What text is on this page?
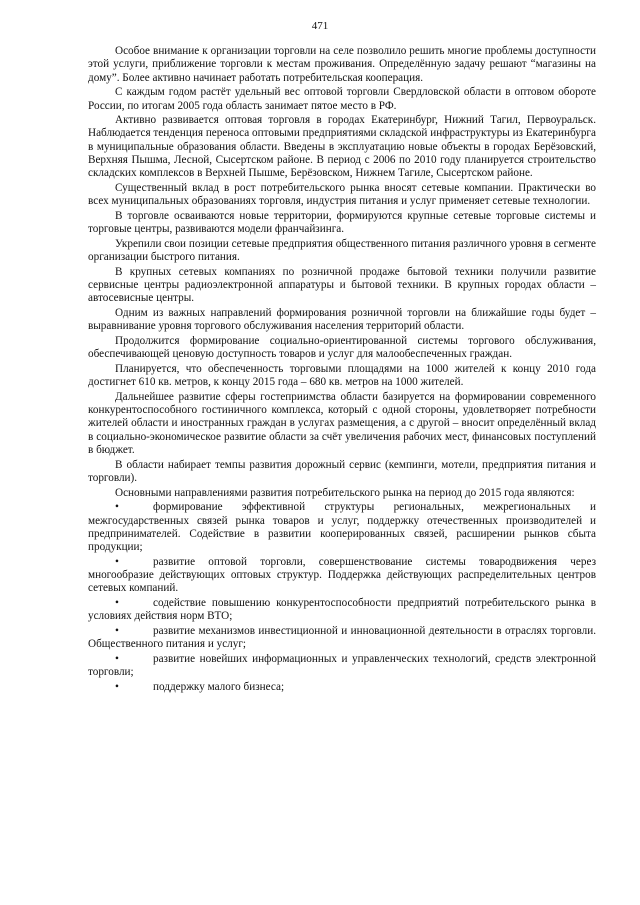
471

Особое внимание к организации торговли на селе позволило решить многие проблемы доступности этой услуги, приближение торговли к местам проживания. Определённую задачу решают “магазины на дому”. Более активно начинает работать потребительская кооперация.

С каждым годом растёт удельный вес оптовой торговли Свердловской области в оптовом обороте России, по итогам 2005 года область занимает пятое место в РФ.

Активно развивается оптовая торговля в городах Екатеринбург, Нижний Тагил, Первоуральск. Наблюдается тенденция переноса оптовыми предприятиями складской инфраструктуры из Екатеринбурга в муниципальные образования области. Введены в эксплуатацию новые объекты в городах Берёзовский, Верхняя Пышма, Лесной, Сысертском районе. В период с 2006 по 2010 году планируется строительство складских комплексов в Верхней Пышме, Берёзовском, Нижнем Тагиле, Сысертском районе.

Существенный вклад в рост потребительского рынка вносят сетевые компании. Практически во всех муниципальных образованиях торговля, индустрия питания и услуг применяет сетевые технологии.

В торговле осваиваются новые территории, формируются крупные сетевые торговые системы и торговые центры, развиваются модели франчайзинга.

Укрепили свои позиции сетевые предприятия общественного питания различного уровня в сегменте организации быстрого питания.

В крупных сетевых компаниях по розничной продаже бытовой техники получили развитие сервисные центры радиоэлектронной аппаратуры и бытовой техники. В крупных городах области – автосевисные центры.

Одним из важных направлений формирования розничной торговли на ближайшие годы будет – выравнивание уровня торгового обслуживания населения территорий области.

Продолжится формирование социально-ориентированной системы торгового обслуживания, обеспечивающей ценовую доступность товаров и услуг для малообеспеченных граждан.

Планируется, что обеспеченность торговыми площадями на 1000 жителей к концу 2010 года достигнет 610 кв. метров, к концу 2015 года – 680 кв. метров на 1000 жителей.

Дальнейшее развитие сферы гостеприимства области базируется на формировании современного конкурентоспособного гостиничного комплекса, который с одной стороны, удовлетворяет потребности жителей области и иностранных граждан в услугах размещения, а с другой – вносит определённый вклад в социально-экономическое развитие области за счёт увеличения рабочих мест, финансовых поступлений в бюджет.

В области набирает темпы развития дорожный сервис (кемпинги, мотели, предприятия питания и торговли).

Основными направлениями развития потребительского рынка на период до 2015 года являются:

•	формирование эффективной структуры региональных, межрегиональных и межгосударственных связей рынка товаров и услуг, поддержку отечественных производителей и предпринимателей. Содействие в развитии кооперированных связей, расширении рынков сбыта продукции;
•	развитие оптовой торговли, совершенствование системы товародвижения через многообразие действующих оптовых структур. Поддержка действующих распределительных центров сетевых компаний.
•	содействие повышению конкурентоспособности предприятий потребительского рынка в условиях действия норм ВТО;
•	развитие механизмов инвестиционной и инновационной деятельности в отраслях торговли. Общественного питания и услуг;
•	развитие новейших информационных и управленческих технологий, средств электронной торговли;
•	поддержку малого бизнеса;
